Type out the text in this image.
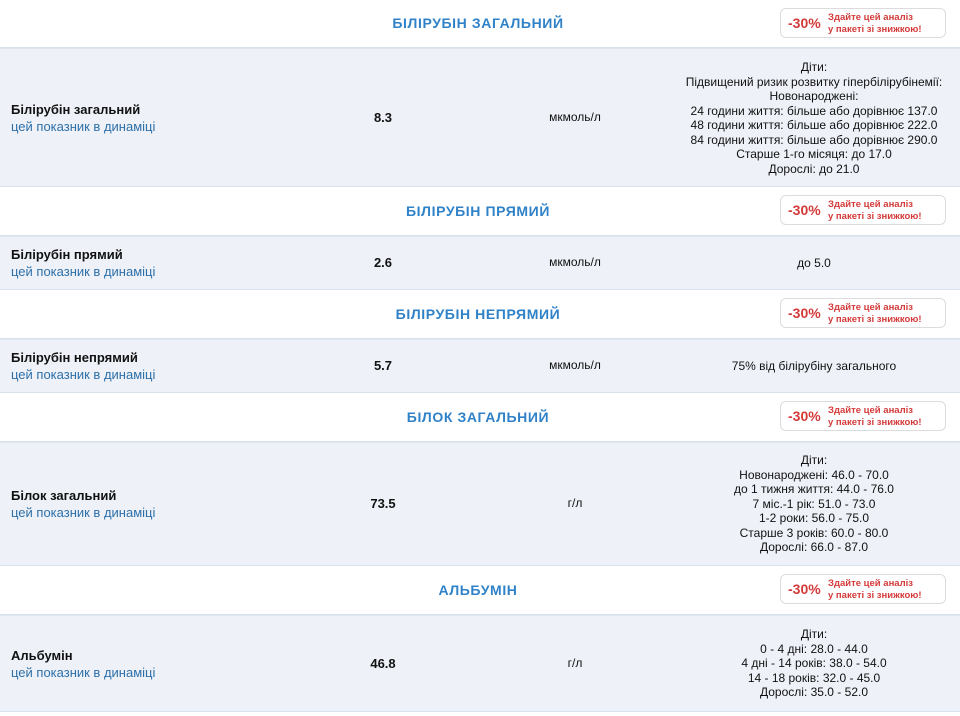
БІЛІРУБІН ЗАГАЛЬНИЙ	-30% Здайте цей аналіз
у пакеті зі знижкою!
Білірубін загальний
цей показник в динаміці
8.3	мкмоль/л
Діти:
Підвищений ризик розвитку гіпербілірубінемії:
Новонароджені:
24 години життя: більше або дорівнює 137.0
48 години життя: більше або дорівнює 222.0
84 години життя: більше або дорівнює 290.0
Старше 1-го місяця: до 17.0
Дорослі: до 21.0
БІЛІРУБІН ПРЯМИЙ	-30% Здайте цей аналіз
у пакеті зі знижкою!
Білірубін прямий
цей показник в динаміці
2.6	мкмоль/л	до 5.0
БІЛІРУБІН НЕПРЯМИЙ	-30% Здайте цей аналіз
у пакеті зі знижкою!
Білірубін непрямий
цей показник в динаміці
5.7	мкмоль/л	75% від білірубіну загального
БІЛОК ЗАГАЛЬНИЙ	-30% Здайте цей аналіз
у пакеті зі знижкою!
Білок загальний
цей показник в динаміці
73.5	г/л
Діти:
Новонароджені: 46.0 - 70.0
до 1 тижня життя: 44.0 - 76.0
7 міс.-1 рік: 51.0 - 73.0
1-2 роки: 56.0 - 75.0
Старше 3 років: 60.0 - 80.0
Дорослі: 66.0 - 87.0
АЛЬБУМІН	-30% Здайте цей аналіз
у пакеті зі знижкою!
Альбумін
цей показник в динаміці
46.8	г/л
Діти:
0 - 4 дні: 28.0 - 44.0
4 дні - 14 років: 38.0 - 54.0
14 - 18 років: 32.0 - 45.0
Дорослі: 35.0 - 52.0
